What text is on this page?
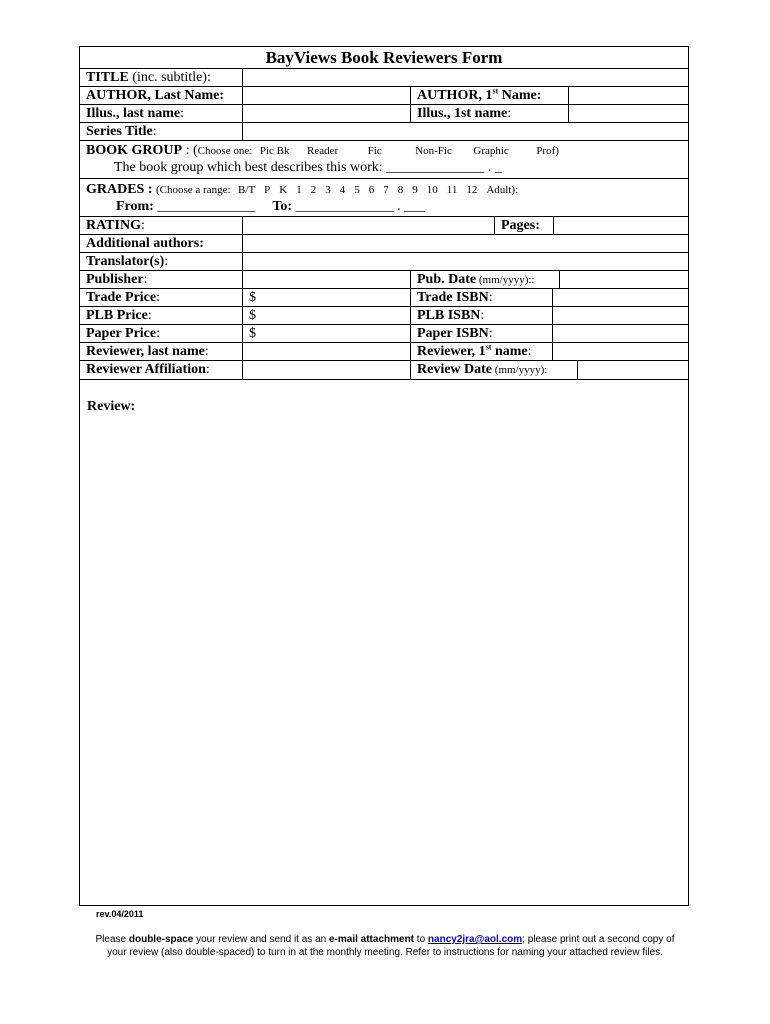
BayViews Book Reviewers Form
TITLE (inc. subtitle):
AUTHOR, Last Name:	AUTHOR, 1st Name:
Illus., last name:	Illus., 1st name:
Series Title:
BOOK GROUP : (Choose one: Pic Bk Reader	Fic	Non-Fic Graphic	Prof)
The book group which best describes this work: ______________ . _
GRADES : (Choose a range: B/T P K 1 2 3 4 5 6 7 8 9 10 11 12 Adult):
From: ______________ To: ______________ . ___
RATING:	Pages:
Additional authors:
Translator(s):
Publisher:	Pub. Date (mm/yyyy)::
Trade Price:	$	Trade ISBN:
PLB Price:	$	PLB ISBN:
Paper Price:	$	Paper ISBN:
Reviewer, last name:	Reviewer, 1st name:
Reviewer Affiliation:	Review Date (mm/yyyy):
Review:
rev.04/2011
Please double-space your review and send it as an e-mail attachment to nancy2jra@aol.com; please print out a second copy of
your review (also double-spaced) to turn in at the monthly meeting. Refer to instructions for naming your attached review files.
